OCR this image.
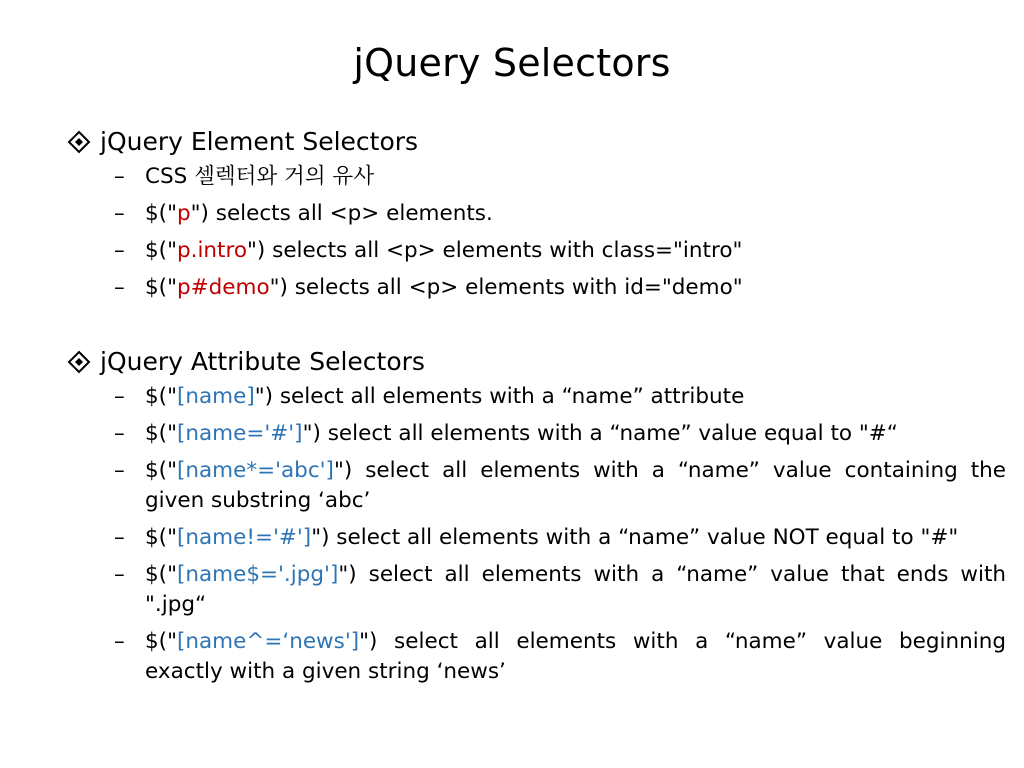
jQuery Selectors
jQuery Element Selectors
– CSS 셀렉터와 거의 유사
– $("p") selects all <p> elements.
– $("p.intro") selects all <p> elements with class="intro"
– $("p#demo") selects all <p> elements with id="demo"
jQuery Attribute Selectors
– $("[name]") select all elements with a “name” attribute
– $("[name='#']") select all elements with a “name” value equal to "#“
– $("[name*='abc']") select all elements with a “name” value containing the given substring ‘abc’
– $("[name!='#']") select all elements with a “name” value NOT equal to "#"
– $("[name$='.jpg']") select all elements with a “name” value that ends with ".jpg“
– $("[name^=‘news']") select all elements with a “name” value beginning exactly with a given string ‘news’
